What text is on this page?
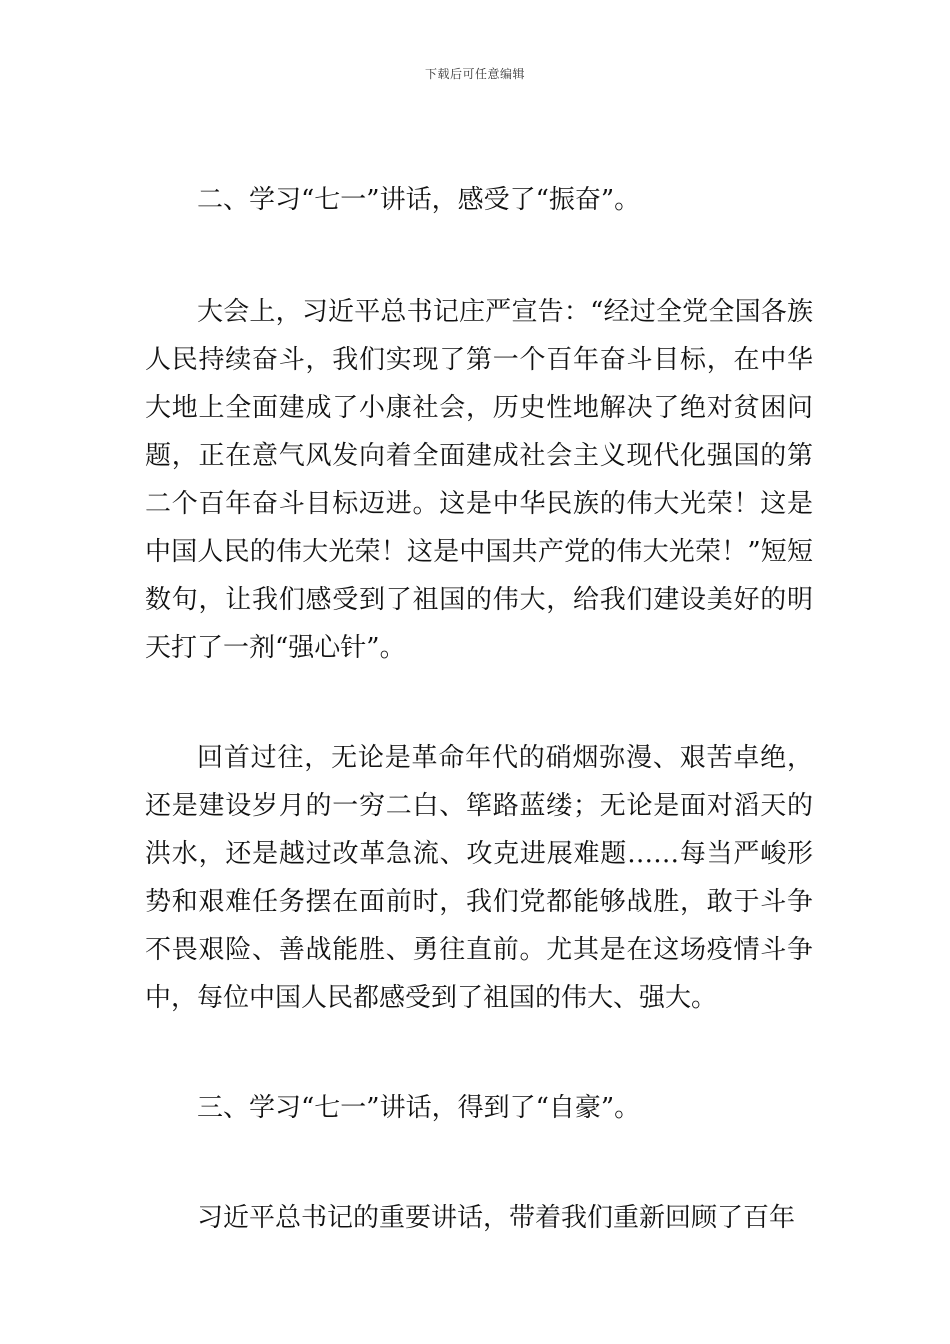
下载后可任意编辑

二、学习“七一”讲话，感受了“振奋”。

大会上，习近平总书记庄严宣告：“经过全党全国各族人民持续奋斗，我们实现了第一个百年奋斗目标，在中华大地上全面建成了小康社会，历史性地解决了绝对贫困问题，正在意气风发向着全面建成社会主义现代化强国的第二个百年奋斗目标迈进。这是中华民族的伟大光荣！这是中国人民的伟大光荣！这是中国共产党的伟大光荣！”短短数句，让我们感受到了祖国的伟大，给我们建设美好的明天打了一剂“强心针”。

回首过往，无论是革命年代的硝烟弥漫、艰苦卓绝，还是建设岁月的一穷二白、筚路蓝缕；无论是面对滔天的洪水，还是越过改革急流、攻克进展难题……每当严峻形势和艰难任务摆在面前时，我们党都能够战胜，敢于斗争不畏艰险、善战能胜、勇往直前。尤其是在这场疫情斗争中，每位中国人民都感受到了祖国的伟大、强大。

三、学习“七一”讲话，得到了“自豪”。

习近平总书记的重要讲话，带着我们重新回顾了百年
